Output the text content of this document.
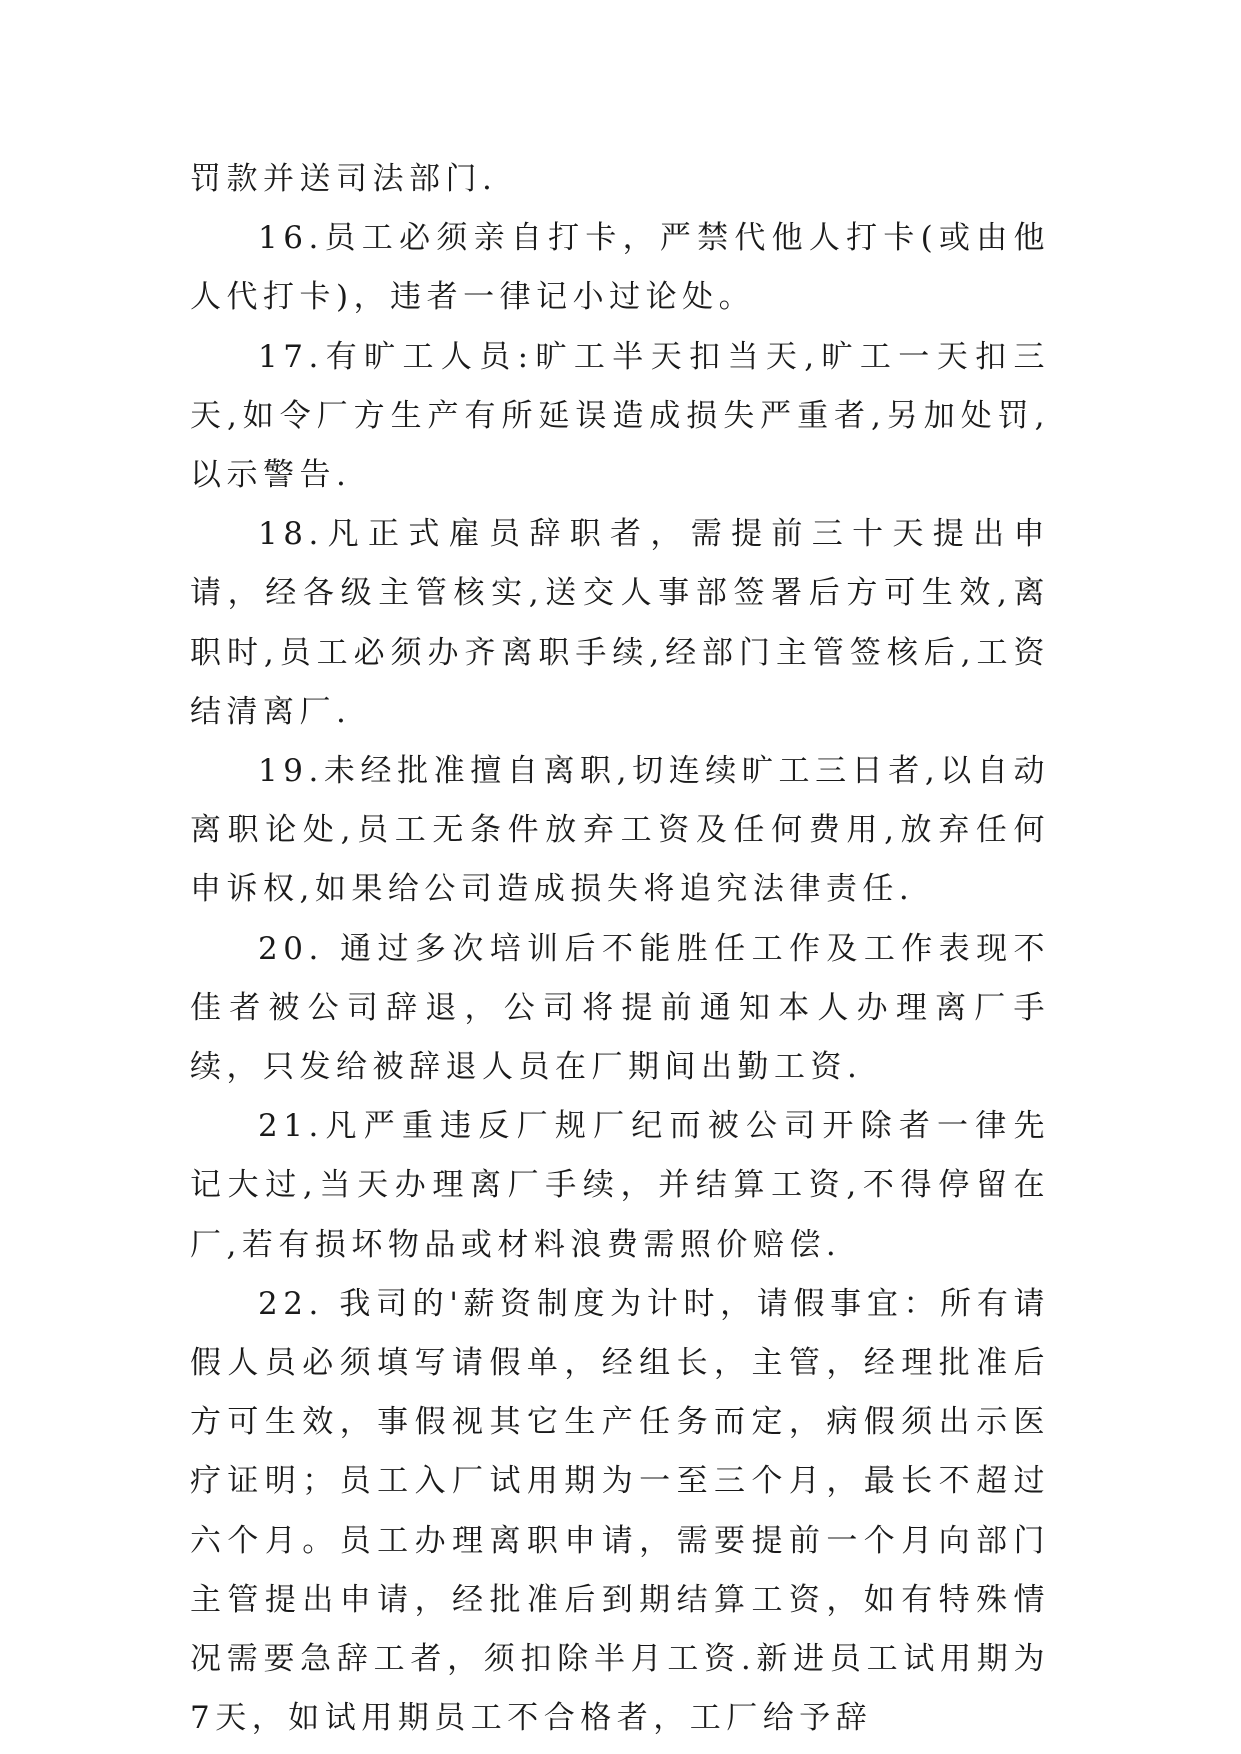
罚款并送司法部门.

16.员工必须亲自打卡，严禁代他人打卡(或由他人代打卡)，违者一律记小过论处。

17.有旷工人员:旷工半天扣当天,旷工一天扣三天,如令厂方生产有所延误造成损失严重者,另加处罚,以示警告.

18.凡正式雇员辞职者，需提前三十天提出申请，经各级主管核实,送交人事部签署后方可生效,离职时,员工必须办齐离职手续,经部门主管签核后,工资结清离厂.

19.未经批准擅自离职,切连续旷工三日者,以自动离职论处,员工无条件放弃工资及任何费用,放弃任何申诉权,如果给公司造成损失将追究法律责任.

20. 通过多次培训后不能胜任工作及工作表现不佳者被公司辞退，公司将提前通知本人办理离厂手续，只发给被辞退人员在厂期间出勤工资.

21.凡严重违反厂规厂纪而被公司开除者一律先记大过,当天办理离厂手续，并结算工资,不得停留在厂,若有损坏物品或材料浪费需照价赔偿.

22. 我司的'薪资制度为计时，请假事宜：所有请假人员必须填写请假单，经组长，主管，经理批准后方可生效，事假视其它生产任务而定，病假须出示医疗证明；员工入厂试用期为一至三个月，最长不超过六个月。员工办理离职申请，需要提前一个月向部门主管提出申请，经批准后到期结算工资，如有特殊情况需要急辞工者，须扣除半月工资.新进员工试用期为7天，如试用期员工不合格者，工厂给予辞
